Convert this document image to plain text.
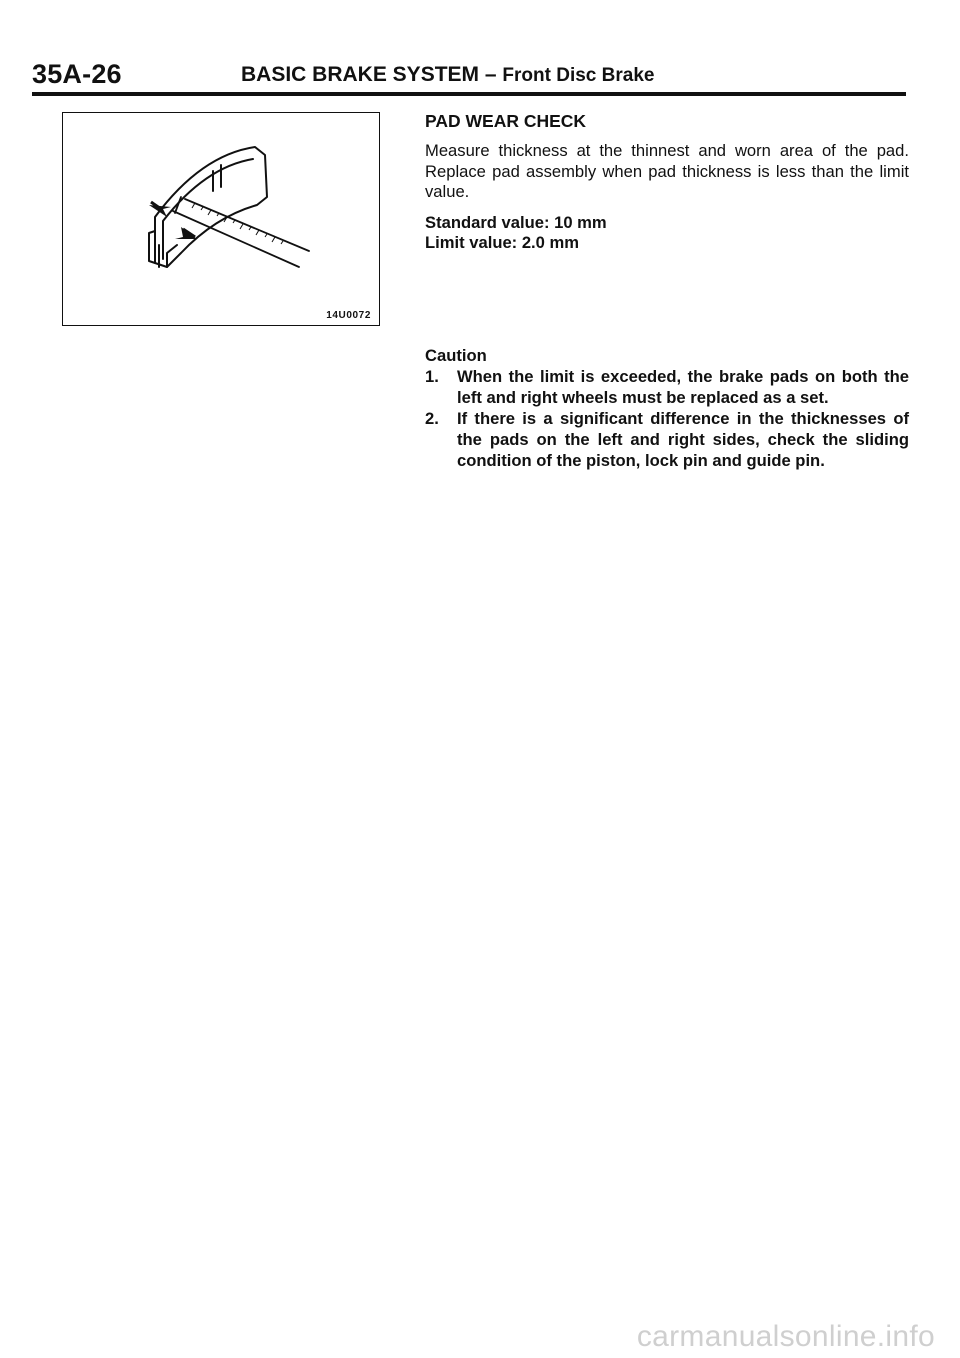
35A-26	BASIC BRAKE SYSTEM – Front Disc Brake
14U0072
PAD WEAR CHECK
Measure thickness at the thinnest and worn area of the pad. Replace pad assembly when pad thickness is less than the limit value.
Standard value: 10 mm
Limit value: 2.0 mm
Caution
1.	When the limit is exceeded, the brake pads on both the left and right wheels must be replaced as a set.
2.	If there is a significant difference in the thicknesses of the pads on the left and right sides, check the sliding condition of the piston, lock pin and guide pin.
carmanualsonline.info
